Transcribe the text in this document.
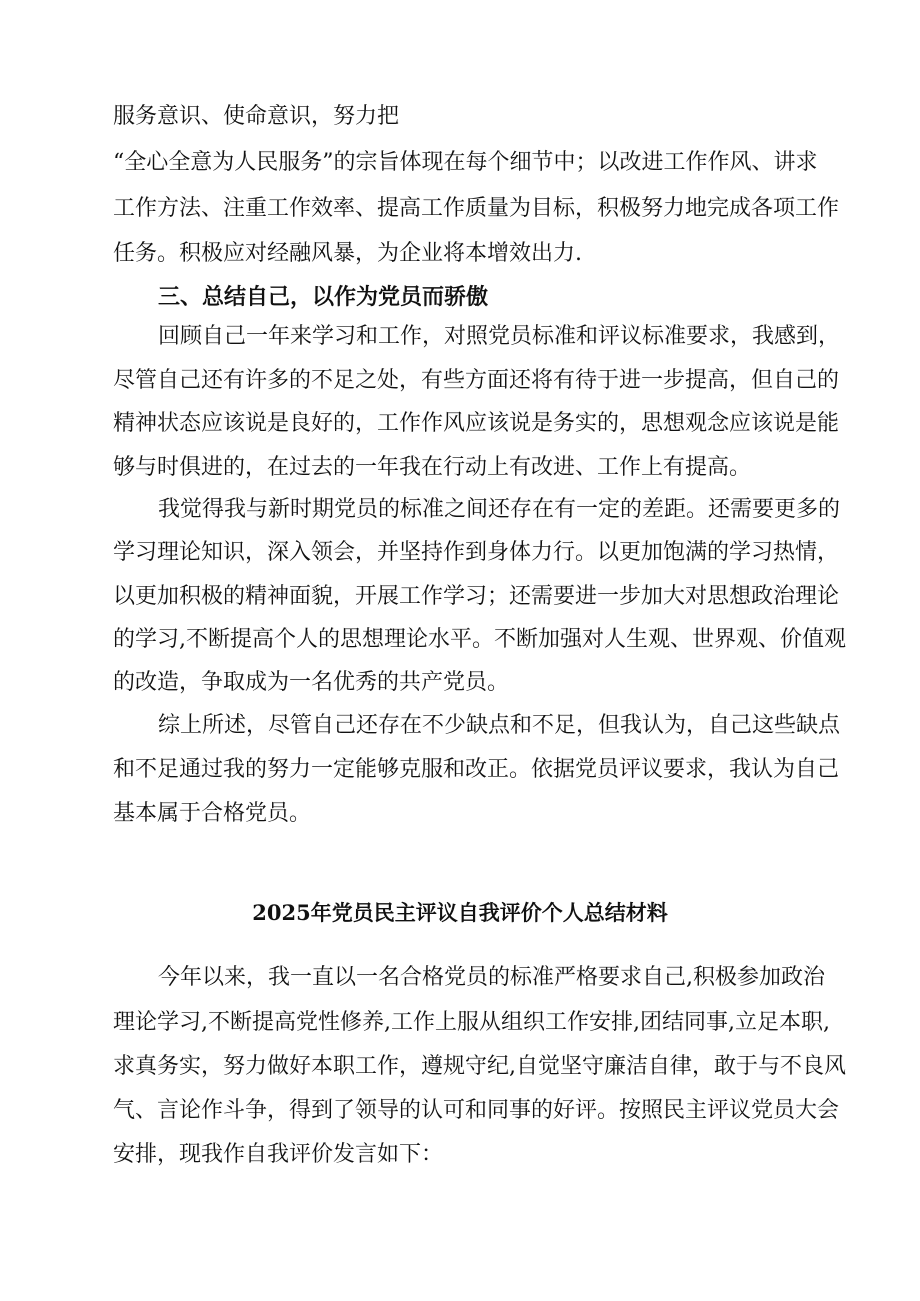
服务意识、使命意识，努力把
“全心全意为人民服务”的宗旨体现在每个细节中；以改进工作作风、讲求
工作方法、注重工作效率、提高工作质量为目标，积极努力地完成各项工作
任务。积极应对经融风暴，为企业将本增效出力.
三、总结自己，以作为党员而骄傲
回顾自己一年来学习和工作，对照党员标准和评议标准要求，我感到，
尽管自己还有许多的不足之处，有些方面还将有待于进一步提高，但自己的
精神状态应该说是良好的，工作作风应该说是务实的，思想观念应该说是能
够与时俱进的，在过去的一年我在行动上有改进、工作上有提高。
我觉得我与新时期党员的标准之间还存在有一定的差距。还需要更多的
学习理论知识，深入领会，并坚持作到身体力行。以更加饱满的学习热情，
以更加积极的精神面貌，开展工作学习；还需要进一步加大对思想政治理论
的学习,不断提高个人的思想理论水平。不断加强对人生观、世界观、价值观
的改造，争取成为一名优秀的共产党员。
综上所述，尽管自己还存在不少缺点和不足，但我认为，自己这些缺点
和不足通过我的努力一定能够克服和改正。依据党员评议要求，我认为自己
基本属于合格党员。
2025年党员民主评议自我评价个人总结材料
今年以来，我一直以一名合格党员的标准严格要求自己,积极参加政治
理论学习,不断提高党性修养,工作上服从组织工作安排,团结同事,立足本职,
求真务实，努力做好本职工作，遵规守纪,自觉坚守廉洁自律，敢于与不良风
气、言论作斗争，得到了领导的认可和同事的好评。按照民主评议党员大会
安排，现我作自我评价发言如下：
